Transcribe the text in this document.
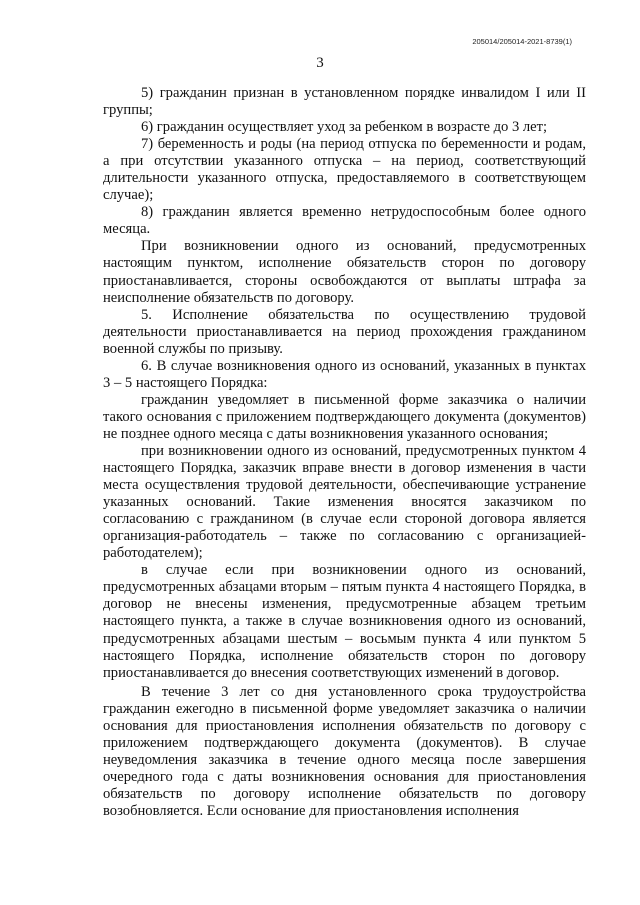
205014/205014-2021-8739(1)
3

5) гражданин признан в установленном порядке инвалидом I или II группы;

6) гражданин осуществляет уход за ребенком в возрасте до 3 лет;

7) беременность и роды (на период отпуска по беременности и родам, а при отсутствии указанного отпуска – на период, соответствующий длительности указанного отпуска, предоставляемого в соответствующем случае);

8) гражданин является временно нетрудоспособным более одного месяца.

При возникновении одного из оснований, предусмотренных настоящим пунктом, исполнение обязательств сторон по договору приостанавливается, стороны освобождаются от выплаты штрафа за неисполнение обязательств по договору.

5. Исполнение обязательства по осуществлению трудовой деятельности приостанавливается на период прохождения гражданином военной службы по призыву.

6. В случае возникновения одного из оснований, указанных в пунктах 3 – 5 настоящего Порядка:

гражданин уведомляет в письменной форме заказчика о наличии такого основания с приложением подтверждающего документа (документов) не позднее одного месяца с даты возникновения указанного основания;

при возникновении одного из оснований, предусмотренных пунктом 4 настоящего Порядка, заказчик вправе внести в договор изменения в части места осуществления трудовой деятельности, обеспечивающие устранение указанных оснований. Такие изменения вносятся заказчиком по согласованию с гражданином (в случае если стороной договора является организация-работодатель – также по согласованию с организацией-работодателем);

в случае если при возникновении одного из оснований, предусмотренных абзацами вторым – пятым пункта 4 настоящего Порядка, в договор не внесены изменения, предусмотренные абзацем третьим настоящего пункта, а также в случае возникновения одного из оснований, предусмотренных абзацами шестым – восьмым пункта 4 или пунктом 5 настоящего Порядка, исполнение обязательств сторон по договору приостанавливается до внесения соответствующих изменений в договор.

В течение 3 лет со дня установленного срока трудоустройства гражданин ежегодно в письменной форме уведомляет заказчика о наличии основания для приостановления исполнения обязательств по договору с приложением подтверждающего документа (документов). В случае неуведомления заказчика в течение одного месяца после завершения очередного года с даты возникновения основания для приостановления обязательств по договору исполнение обязательств по договору возобновляется. Если основание для приостановления исполнения
